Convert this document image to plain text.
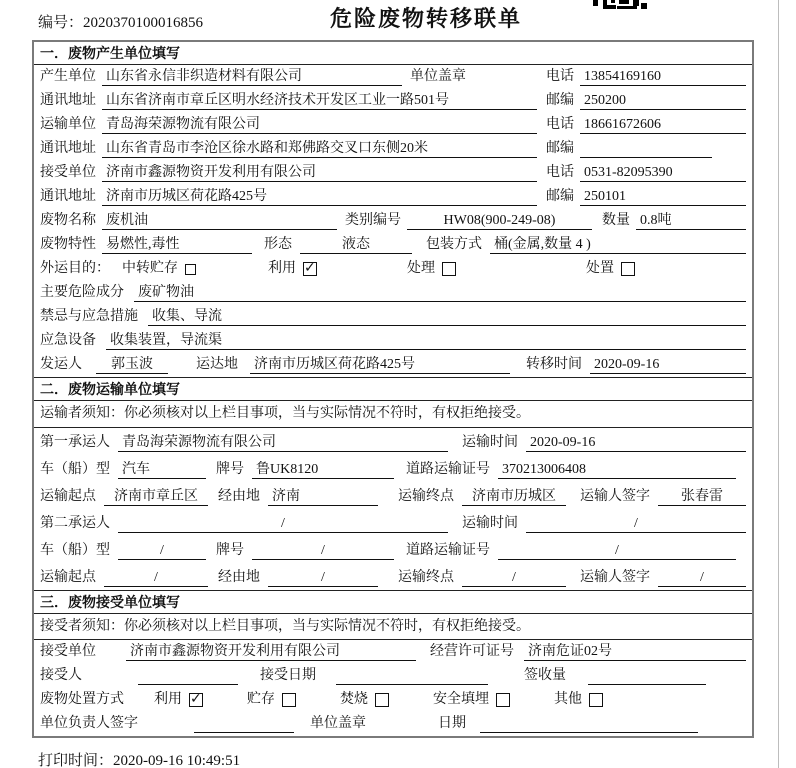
编号：2020370100016856	危险废物转移联单
一．废物产生单位填写
产生单位 山东省永信非织造材料有限公司	单位盖章	电话 13854169160
通讯地址 山东省济南市章丘区明水经济技术开发区工业一路501号	邮编 250200
运输单位 青岛海荣源物流有限公司	电话 18661672606
通讯地址 山东省青岛市李沧区徐水路和郑佛路交叉口东侧20米	邮编
接受单位 济南市鑫源物资开发利用有限公司	电话 0531-82095390
通讯地址 济南市历城区荷花路425号	邮编 250101
废物名称 废机油	类别编号	HW08(900-249-08)	数量 0.8吨
废物特性 易燃性,毒性	形态	液态	包装方式 桶(金属,数量 4 )
外运目的： 中转贮存	利用 ✓	处理	处置
主要危险成分 废矿物油
禁忌与应急措施 收集、导流
应急设备 收集装置，导流渠
发运人	郭玉波	运达地 济南市历城区荷花路425号	转移时间 2020-09-16
二．废物运输单位填写
运输者须知：你必须核对以上栏目事项，当与实际情况不符时，有权拒绝接受。
第一承运人 青岛海荣源物流有限公司	运输时间 2020-09-16
车（船）型 汽车	牌号 鲁UK8120	道路运输证号 370213006408
运输起点	济南市章丘区	经由地 济南	运输终点	济南市历城区	运输人签字	张春雷
第二承运人	/	运输时间	/
车（船）型	/	牌号	/	道路运输证号	/
运输起点	/	经由地	/	运输终点	/	运输人签字	/
三．废物接受单位填写
接受者须知：你必须核对以上栏目事项，当与实际情况不符时，有权拒绝接受。
接受单位 济南市鑫源物资开发利用有限公司	经营许可证号 济南危证02号
接受人	接受日期	签收量
废物处置方式 利用 ✓	贮存	焚烧	安全填埋	其他
单位负责人签字	单位盖章	日期
打印时间：2020-09-16 10:49:51
